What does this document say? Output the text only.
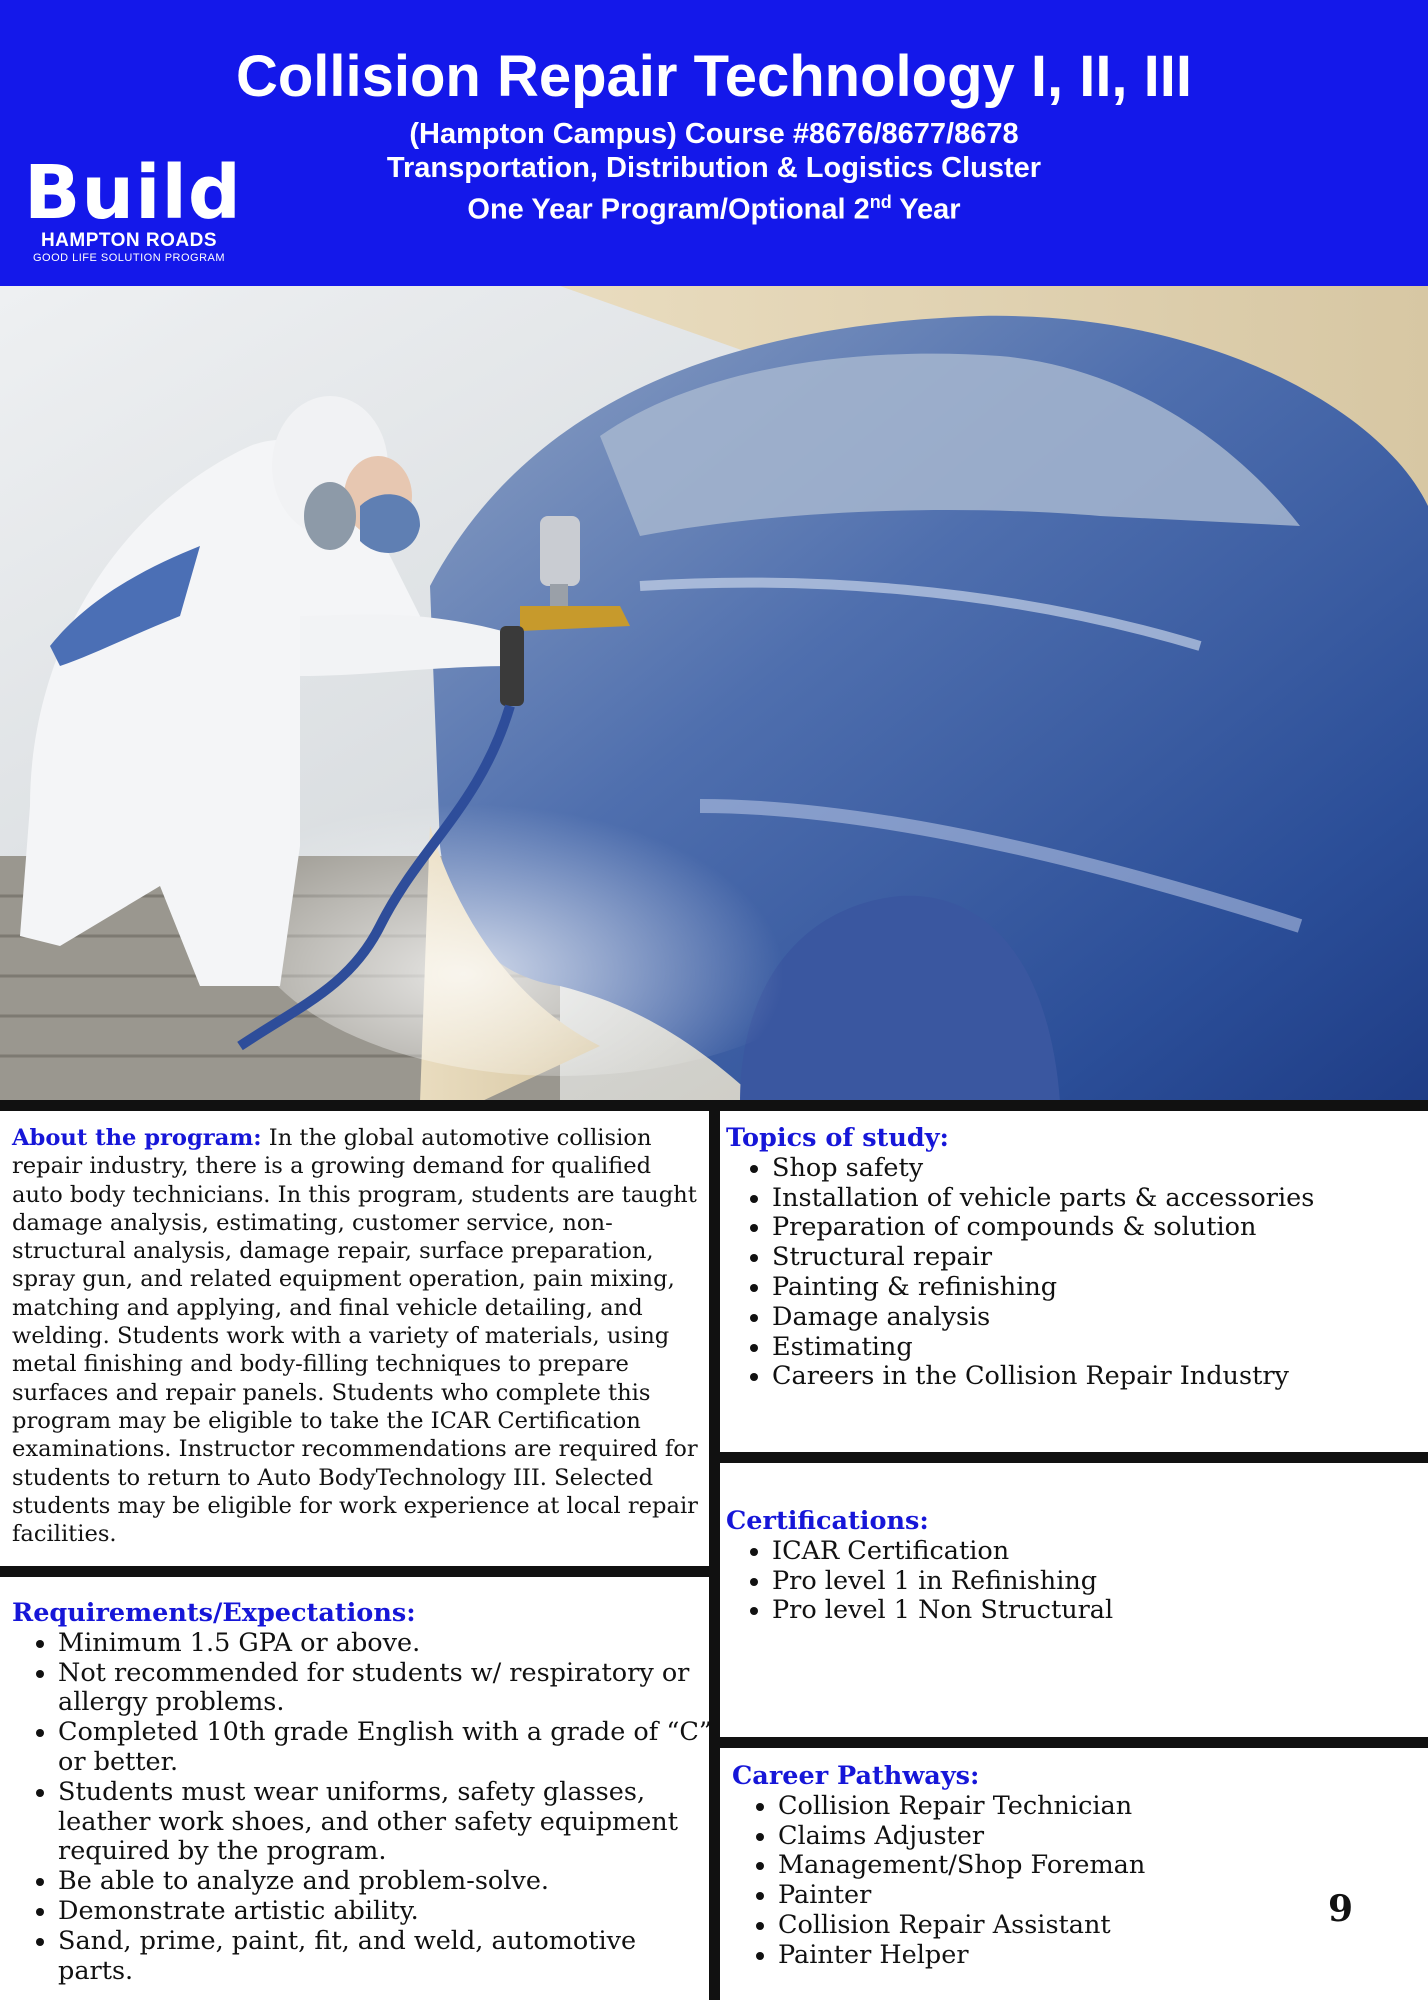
Collision Repair Technology I, II, III
(Hampton Campus) Course #8676/8677/8678
Transportation, Distribution & Logistics Cluster
One Year Program/Optional 2nd Year
Build
HAMPTON ROADS
GOOD LIFE SOLUTION PROGRAM
About the program: In the global automotive collision repair industry, there is a growing demand for qualified auto body technicians. In this program, students are taught damage analysis, estimating, customer service, non-structural analysis, damage repair, surface preparation, spray gun, and related equipment operation, pain mixing, matching and applying, and final vehicle detailing, and welding. Students work with a variety of materials, using metal finishing and body-filling techniques to prepare surfaces and repair panels. Students who complete this program may be eligible to take the ICAR Certification examinations. Instructor recommendations are required for students to return to Auto BodyTechnology III. Selected students may be eligible for work experience at local repair facilities.
Topics of study:
• Shop safety
• Installation of vehicle parts & accessories
• Preparation of compounds & solution
• Structural repair
• Painting & refinishing
• Damage analysis
• Estimating
• Careers in the Collision Repair Industry
Certifications:
• ICAR Certification
• Pro level 1 in Refinishing
• Pro level 1 Non Structural
Requirements/Expectations:
• Minimum 1.5 GPA or above.
• Not recommended for students w/ respiratory or allergy problems.
• Completed 10th grade English with a grade of “C” or better.
• Students must wear uniforms, safety glasses, leather work shoes, and other safety equipment required by the program.
• Be able to analyze and problem-solve.
• Demonstrate artistic ability.
• Sand, prime, paint, fit, and weld, automotive parts.
Career Pathways:
• Collision Repair Technician
• Claims Adjuster
• Management/Shop Foreman
• Painter
• Collision Repair Assistant
• Painter Helper
9
